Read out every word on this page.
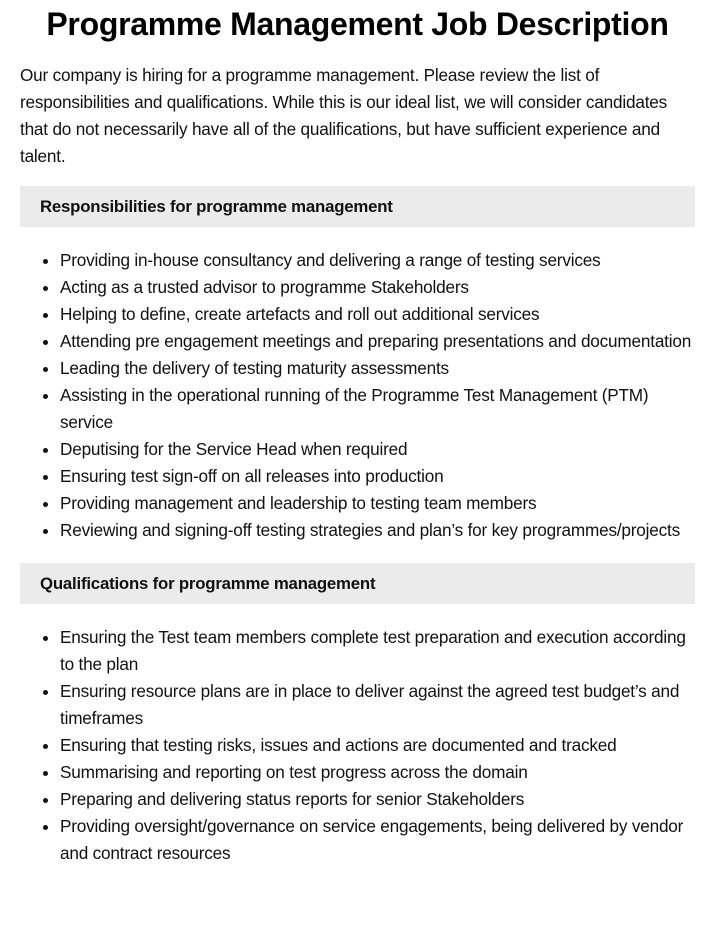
Programme Management Job Description

Our company is hiring for a programme management. Please review the list of responsibilities and qualifications. While this is our ideal list, we will consider candidates that do not necessarily have all of the qualifications, but have sufficient experience and talent.

Responsibilities for programme management
Providing in-house consultancy and delivering a range of testing services
Acting as a trusted advisor to programme Stakeholders
Helping to define, create artefacts and roll out additional services
Attending pre engagement meetings and preparing presentations and documentation
Leading the delivery of testing maturity assessments
Assisting in the operational running of the Programme Test Management (PTM) service
Deputising for the Service Head when required
Ensuring test sign-off on all releases into production
Providing management and leadership to testing team members
Reviewing and signing-off testing strategies and plan’s for key programmes/projects
Qualifications for programme management
Ensuring the Test team members complete test preparation and execution according to the plan
Ensuring resource plans are in place to deliver against the agreed test budget’s and timeframes
Ensuring that testing risks, issues and actions are documented and tracked
Summarising and reporting on test progress across the domain
Preparing and delivering status reports for senior Stakeholders
Providing oversight/governance on service engagements, being delivered by vendor and contract resources
